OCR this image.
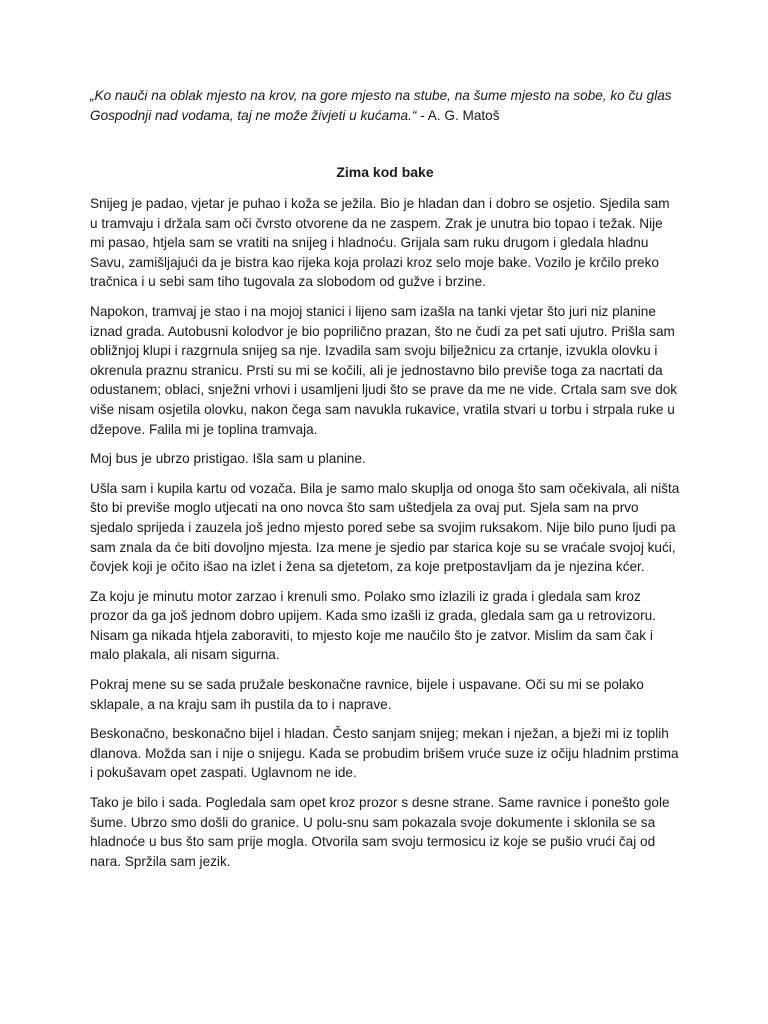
„Ko nauči na oblak mjesto na krov, na gore mjesto na stube, na šume mjesto na sobe, ko ču glas Gospodnji nad vodama, taj ne može živjeti u kućama.“ - A. G. Matoš

Zima kod bake

Snijeg je padao, vjetar je puhao i koža se ježila. Bio je hladan dan i dobro se osjetio. Sjedila sam u tramvaju i držala sam oči čvrsto otvorene da ne zaspem. Zrak je unutra bio topao i težak. Nije mi pasao, htjela sam se vratiti na snijeg i hladnoću. Grijala sam ruku drugom i gledala hladnu Savu, zamišljajući da je bistra kao rijeka koja prolazi kroz selo moje bake. Vozilo je krčilo preko tračnica i u sebi sam tiho tugovala za slobodom od gužve i brzine.

Napokon, tramvaj je stao i na mojoj stanici i lijeno sam izašla na tanki vjetar što juri niz planine iznad grada. Autobusni kolodvor je bio poprilično prazan, što ne čudi za pet sati ujutro. Prišla sam obližnjoj klupi i razgrnula snijeg sa nje. Izvadila sam svoju bilježnicu za crtanje, izvukla olovku i okrenula praznu stranicu. Prsti su mi se kočili, ali je jednostavno bilo previše toga za nacrtati da odustanem; oblaci, snježni vrhovi i usamljeni ljudi što se prave da me ne vide. Crtala sam sve dok više nisam osjetila olovku, nakon čega sam navukla rukavice, vratila stvari u torbu i strpala ruke u džepove. Falila mi je toplina tramvaja.

Moj bus je ubrzo pristigao. Išla sam u planine.

Ušla sam i kupila kartu od vozača. Bila je samo malo skuplja od onoga što sam očekivala, ali ništa što bi previše moglo utjecati na ono novca što sam uštedjela za ovaj put. Sjela sam na prvo sjedalo sprijeda i zauzela još jedno mjesto pored sebe sa svojim ruksakom. Nije bilo puno ljudi pa sam znala da će biti dovoljno mjesta. Iza mene je sjedio par starica koje su se vraćale svojoj kući, čovjek koji je očito išao na izlet i žena sa djetetom, za koje pretpostavljam da je njezina kćer.

Za koju je minutu motor zarzao i krenuli smo. Polako smo izlazili iz grada i gledala sam kroz prozor da ga još jednom dobro upijem. Kada smo izašli iz grada, gledala sam ga u retrovizoru. Nisam ga nikada htjela zaboraviti, to mjesto koje me naučilo što je zatvor. Mislim da sam čak i malo plakala, ali nisam sigurna.

Pokraj mene su se sada pružale beskonačne ravnice, bijele i uspavane. Oči su mi se polako sklapale, a na kraju sam ih pustila da to i naprave.

Beskonačno, beskonačno bijel i hladan. Često sanjam snijeg; mekan i nježan, a bježi mi iz toplih dlanova. Možda san i nije o snijegu. Kada se probudim brišem vruće suze iz očiju hladnim prstima i pokušavam opet zaspati. Uglavnom ne ide.

Tako je bilo i sada. Pogledala sam opet kroz prozor s desne strane. Same ravnice i ponešto gole šume. Ubrzo smo došli do granice. U polu-snu sam pokazala svoje dokumente i sklonila se sa hladnoće u bus što sam prije mogla. Otvorila sam svoju termosicu iz koje se pušio vrući čaj od nara. Spržila sam jezik.
